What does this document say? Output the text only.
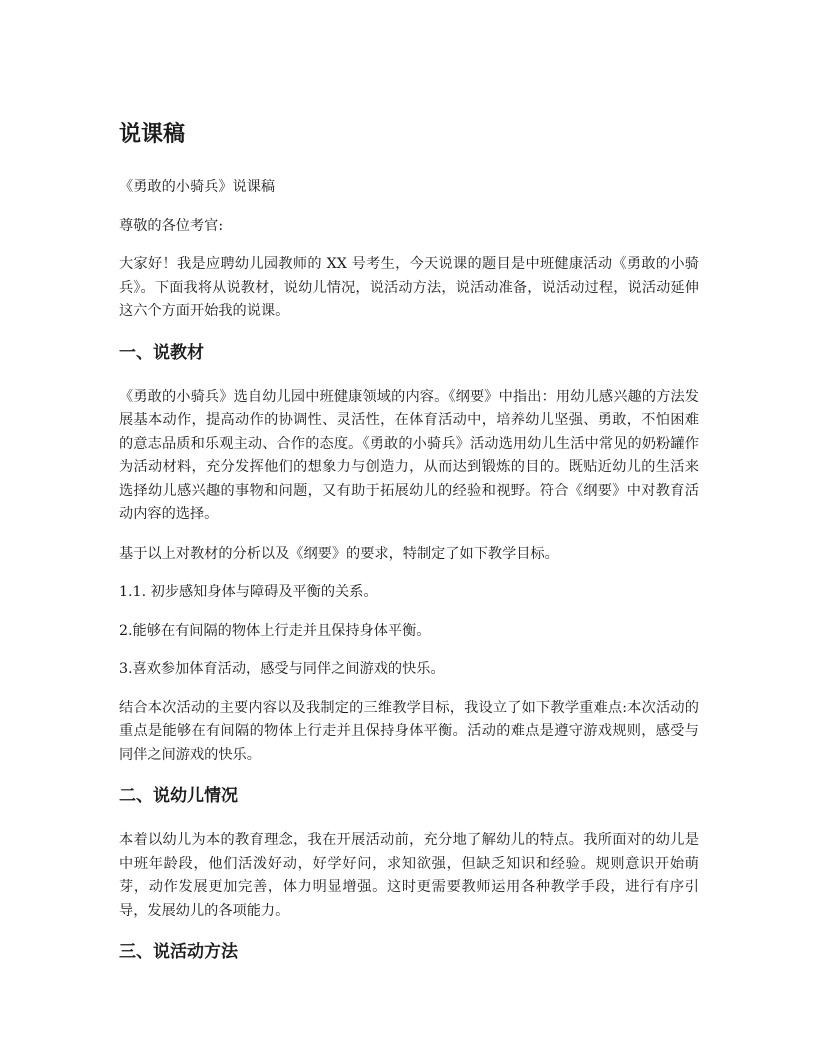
说课稿

《勇敢的小骑兵》说课稿

尊敬的各位考官:

大家好！我是应聘幼儿园教师的 XX 号考生，今天说课的题目是中班健康活动《勇敢的小骑兵》。下面我将从说教材，说幼儿情况，说活动方法，说活动准备，说活动过程，说活动延伸这六个方面开始我的说课。

一、说教材

《勇敢的小骑兵》选自幼儿园中班健康领域的内容。《纲要》中指出：用幼儿感兴趣的方法发展基本动作，提高动作的协调性、灵活性，在体育活动中，培养幼儿坚强、勇敢，不怕困难的意志品质和乐观主动、合作的态度。《勇敢的小骑兵》活动选用幼儿生活中常见的奶粉罐作为活动材料，充分发挥他们的想象力与创造力，从而达到锻炼的目的。既贴近幼儿的生活来选择幼儿感兴趣的事物和问题，又有助于拓展幼儿的经验和视野。符合《纲要》中对教育活动内容的选择。

基于以上对教材的分析以及《纲要》的要求，特制定了如下教学目标。

1.1. 初步感知身体与障碍及平衡的关系。

2.能够在有间隔的物体上行走并且保持身体平衡。

3.喜欢参加体育活动，感受与同伴之间游戏的快乐。

结合本次活动的主要内容以及我制定的三维教学目标，我设立了如下教学重难点:本次活动的重点是能够在有间隔的物体上行走并且保持身体平衡。活动的难点是遵守游戏规则，感受与同伴之间游戏的快乐。

二、说幼儿情况

本着以幼儿为本的教育理念，我在开展活动前，充分地了解幼儿的特点。我所面对的幼儿是中班年龄段，他们活泼好动，好学好问，求知欲强，但缺乏知识和经验。规则意识开始萌芽，动作发展更加完善，体力明显增强。这时更需要教师运用各种教学手段，进行有序引导，发展幼儿的各项能力。

三、说活动方法
